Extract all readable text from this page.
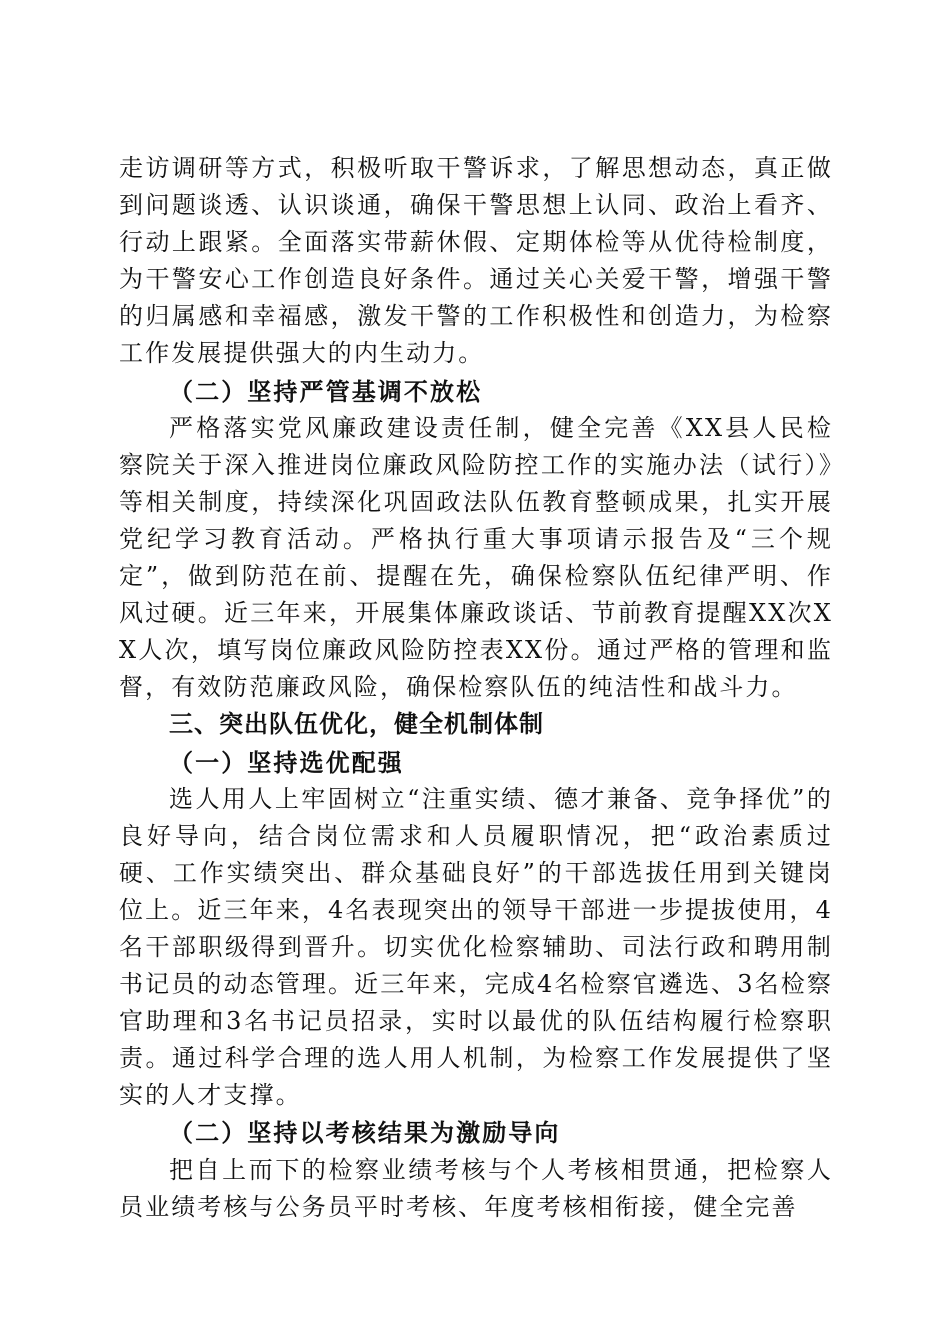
走访调研等方式，积极听取干警诉求，了解思想动态，真正做到问题谈透、认识谈通，确保干警思想上认同、政治上看齐、行动上跟紧。全面落实带薪休假、定期体检等从优待检制度，为干警安心工作创造良好条件。通过关心关爱干警，增强干警的归属感和幸福感，激发干警的工作积极性和创造力，为检察工作发展提供强大的内生动力。

（二）坚持严管基调不放松

严格落实党风廉政建设责任制，健全完善《XX县人民检察院关于深入推进岗位廉政风险防控工作的实施办法（试行）》等相关制度，持续深化巩固政法队伍教育整顿成果，扎实开展党纪学习教育活动。严格执行重大事项请示报告及“三个规定”，做到防范在前、提醒在先，确保检察队伍纪律严明、作风过硬。近三年来，开展集体廉政谈话、节前教育提醒XX次XX人次，填写岗位廉政风险防控表XX份。通过严格的管理和监督，有效防范廉政风险，确保检察队伍的纯洁性和战斗力。

三、突出队伍优化，健全机制体制

（一）坚持选优配强

选人用人上牢固树立“注重实绩、德才兼备、竞争择优”的良好导向，结合岗位需求和人员履职情况，把“政治素质过硬、工作实绩突出、群众基础良好”的干部选拔任用到关键岗位上。近三年来，4名表现突出的领导干部进一步提拔使用，4名干部职级得到晋升。切实优化检察辅助、司法行政和聘用制书记员的动态管理。近三年来，完成4名检察官遴选、3名检察官助理和3名书记员招录，实时以最优的队伍结构履行检察职责。通过科学合理的选人用人机制，为检察工作发展提供了坚实的人才支撑。

（二）坚持以考核结果为激励导向

把自上而下的检察业绩考核与个人考核相贯通，把检察人员业绩考核与公务员平时考核、年度考核相衔接，健全完善
